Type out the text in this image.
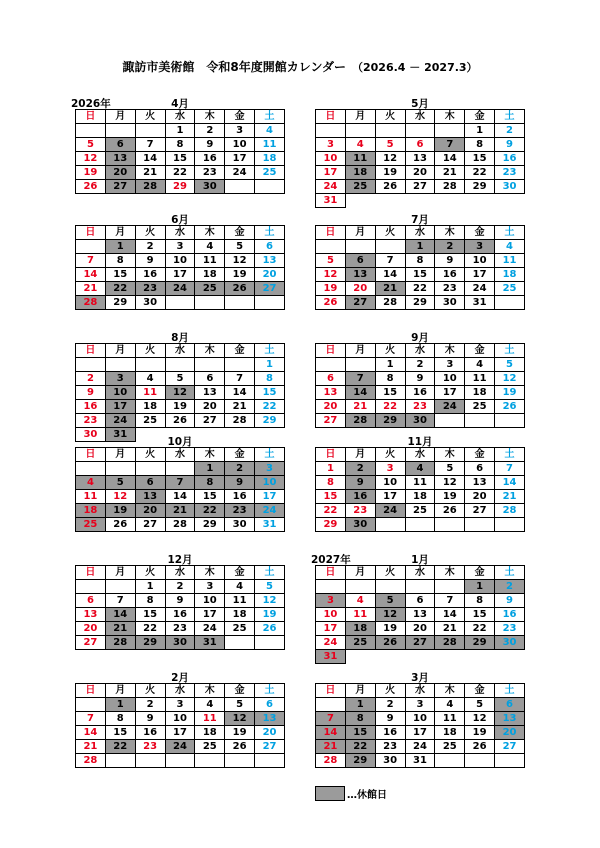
諏訪市美術館　令和8年度開館カレンダー （2026.4 － 2027.3）
2026年	4月
日	月	火	水	木	金	土
			1	2	3	4
5	6	7	8	9	10	11
12	13	14	15	16	17	18
19	20	21	22	23	24	25
26	27	28	29	30		
5月
日	月	火	水	木	金	土
					1	2
3	4	5	6	7	8	9
10	11	12	13	14	15	16
17	18	19	20	21	22	23
24	25	26	27	28	29	30
31						
6月
日	月	火	水	木	金	土
	1	2	3	4	5	6
7	8	9	10	11	12	13
14	15	16	17	18	19	20
21	22	23	24	25	26	27
28	29	30				
7月
日	月	火	水	木	金	土
			1	2	3	4
5	6	7	8	9	10	11
12	13	14	15	16	17	18
19	20	21	22	23	24	25
26	27	28	29	30	31	
8月
日	月	火	水	木	金	土
						1
2	3	4	5	6	7	8
9	10	11	12	13	14	15
16	17	18	19	20	21	22
23	24	25	26	27	28	29
30	31					
9月
日	月	火	水	木	金	土
		1	2	3	4	5
6	7	8	9	10	11	12
13	14	15	16	17	18	19
20	21	22	23	24	25	26
27	28	29	30			
10月
日	月	火	水	木	金	土
				1	2	3
4	5	6	7	8	9	10
11	12	13	14	15	16	17
18	19	20	21	22	23	24
25	26	27	28	29	30	31
11月
日	月	火	水	木	金	土
1	2	3	4	5	6	7
8	9	10	11	12	13	14
15	16	17	18	19	20	21
22	23	24	25	26	27	28
29	30					
12月
日	月	火	水	木	金	土
		1	2	3	4	5
6	7	8	9	10	11	12
13	14	15	16	17	18	19
20	21	22	23	24	25	26
27	28	29	30	31		
2027年	1月
日	月	火	水	木	金	土
					1	2
3	4	5	6	7	8	9
10	11	12	13	14	15	16
17	18	19	20	21	22	23
24	25	26	27	28	29	30
31						
2月
日	月	火	水	木	金	土
	1	2	3	4	5	6
7	8	9	10	11	12	13
14	15	16	17	18	19	20
21	22	23	24	25	26	27
28						
3月
日	月	火	水	木	金	土
	1	2	3	4	5	6
7	8	9	10	11	12	13
14	15	16	17	18	19	20
21	22	23	24	25	26	27
28	29	30	31			
…休館日
